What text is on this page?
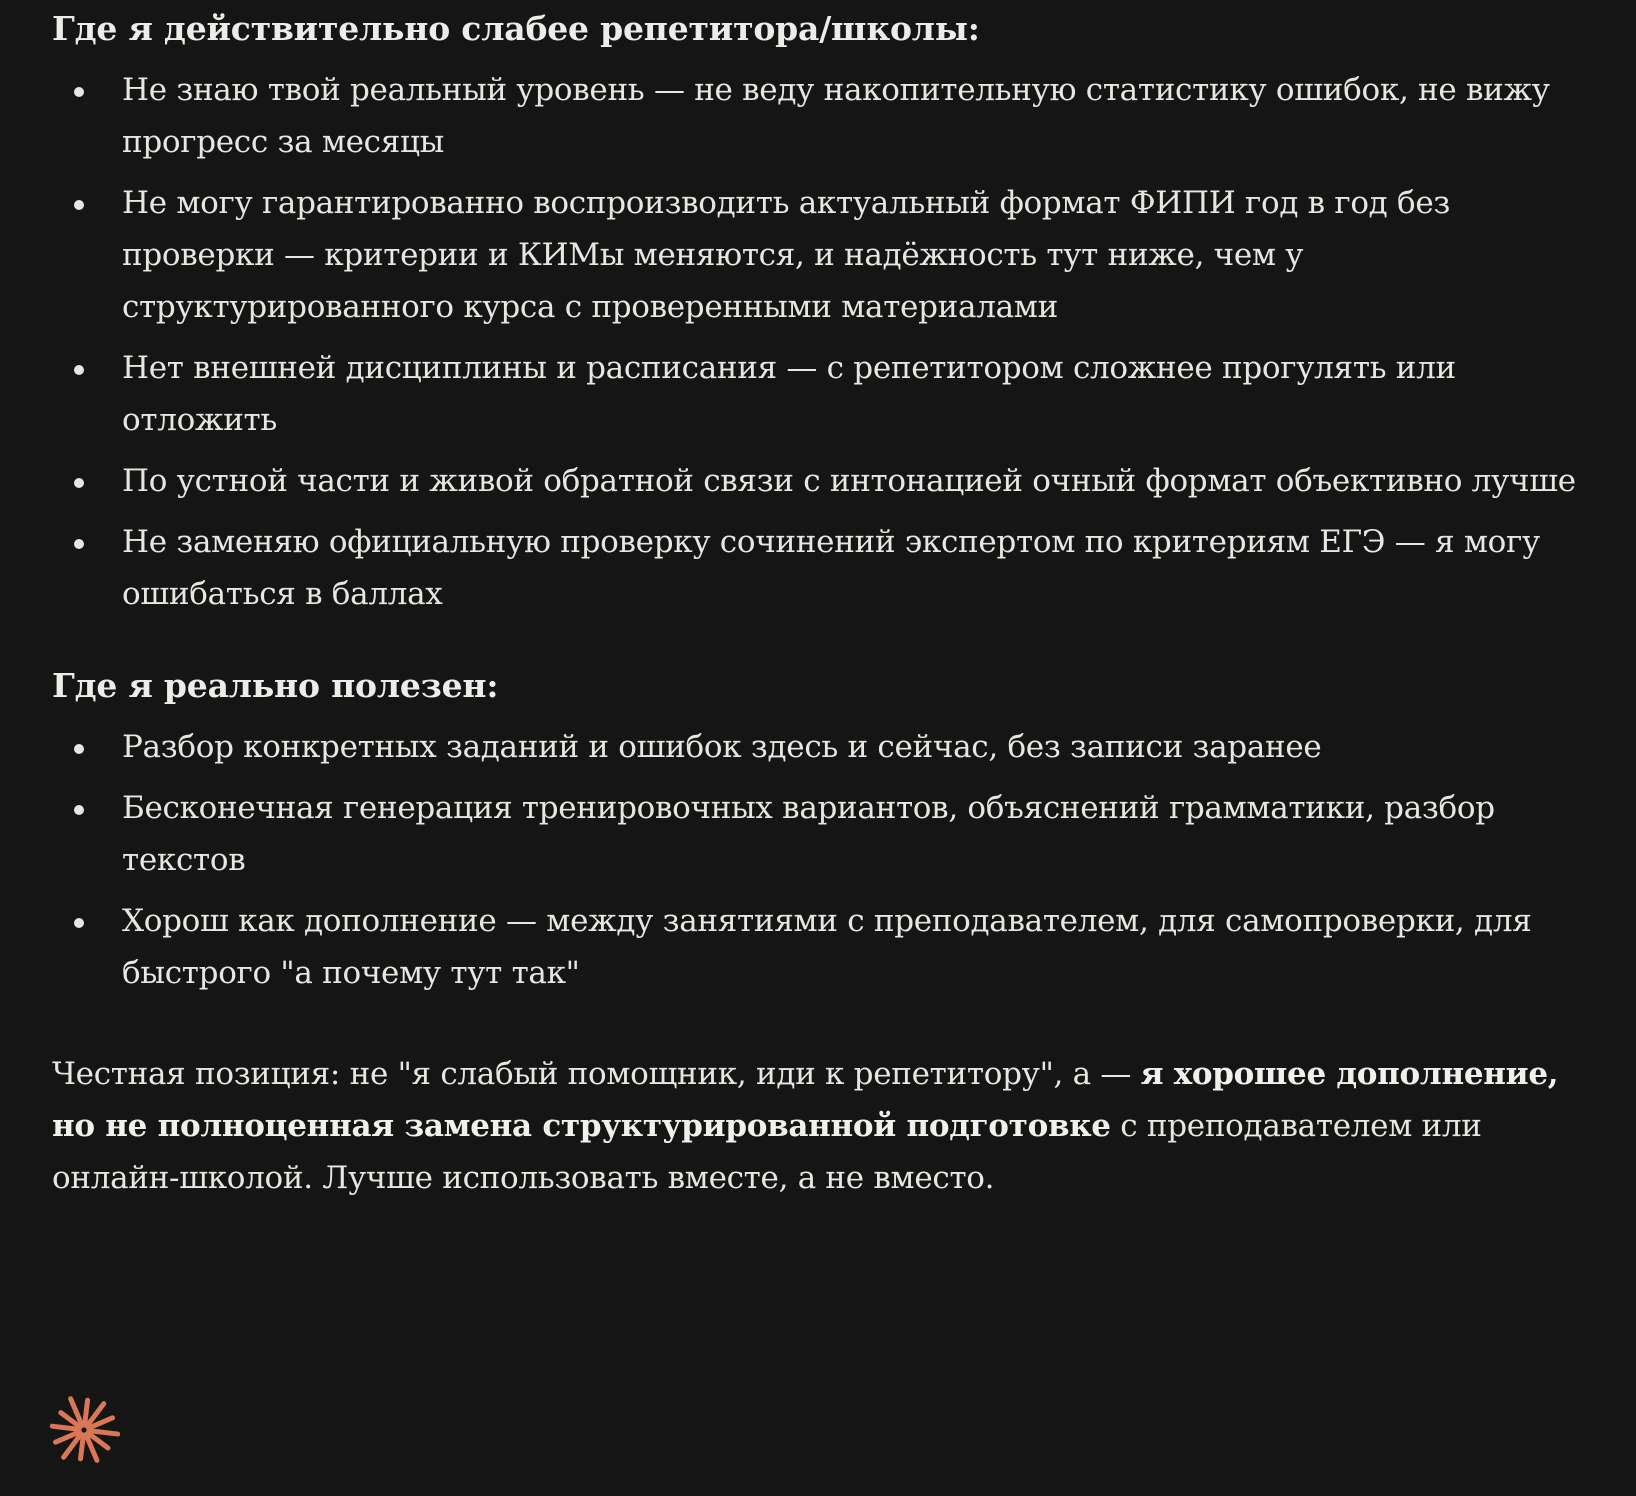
Где я действительно слабее репетитора/школы:
Не знаю твой реальный уровень — не веду накопительную статистику ошибок, не вижу прогресс за месяцы
Не могу гарантированно воспроизводить актуальный формат ФИПИ год в год без проверки — критерии и КИМы меняются, и надёжность тут ниже, чем у структурированного курса с проверенными материалами
Нет внешней дисциплины и расписания — с репетитором сложнее прогулять или отложить
По устной части и живой обратной связи с интонацией очный формат объективно лучше
Не заменяю официальную проверку сочинений экспертом по критериям ЕГЭ — я могу ошибаться в баллах
Где я реально полезен:
Разбор конкретных заданий и ошибок здесь и сейчас, без записи заранее
Бесконечная генерация тренировочных вариантов, объяснений грамматики, разбор текстов
Хорош как дополнение — между занятиями с преподавателем, для самопроверки, для быстрого "а почему тут так"

Честная позиция: не "я слабый помощник, иди к репетитору", а — я хорошее дополнение, но не полноценная замена структурированной подготовке с преподавателем или онлайн-школой. Лучше использовать вместе, а не вместо.
